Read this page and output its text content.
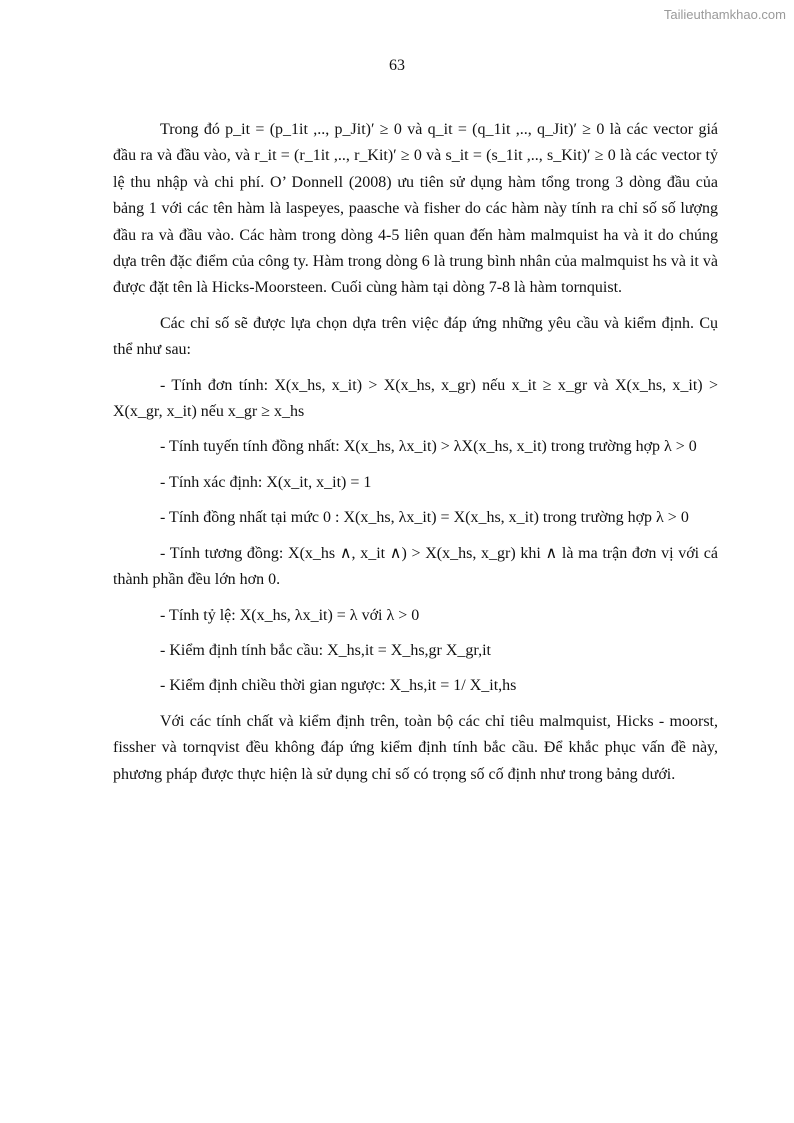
Tailieuthamkhao.com
63

Trong đó p_it = (p_1it ,.., p_Jit)′ ≥ 0 và q_it = (q_1it ,.., q_Jit)′ ≥ 0 là các vector giá đầu ra và đầu vào, và r_it = (r_1it ,.., r_Kit)′ ≥ 0 và s_it = (s_1it ,.., s_Kit)′ ≥ 0 là các vector tỷ lệ thu nhập và chi phí. O’ Donnell (2008) ưu tiên sử dụng hàm tổng trong 3 dòng đầu của bảng 1 với các tên hàm là laspeyes, paasche và fisher do các hàm này tính ra chỉ số số lượng đầu ra và đầu vào. Các hàm trong dòng 4-5 liên quan đến hàm malmquist ha và it do chúng dựa trên đặc điểm của công ty. Hàm trong dòng 6 là trung bình nhân của malmquist hs và it và được đặt tên là Hicks-Moorsteen. Cuối cùng hàm tại dòng 7-8 là hàm tornquist.

Các chỉ số sẽ được lựa chọn dựa trên việc đáp ứng những yêu cầu và kiểm định. Cụ thể như sau:

- Tính đơn tính: X(x_hs, x_it) > X(x_hs, x_gr) nếu x_it ≥ x_gr và X(x_hs, x_it) > X(x_gr, x_it) nếu x_gr ≥ x_hs

- Tính tuyến tính đồng nhất: X(x_hs, λx_it) > λX(x_hs, x_it) trong trường hợp λ > 0

- Tính xác định: X(x_it, x_it) = 1

- Tính đồng nhất tại mức 0 : X(x_hs, λx_it) = X(x_hs, x_it) trong trường hợp λ > 0

- Tính tương đồng: X(x_hs ∧, x_it ∧) > X(x_hs, x_gr) khi ∧ là ma trận đơn vị với cá thành phần đều lớn hơn 0.

- Tính tỷ lệ: X(x_hs, λx_it) = λ với λ > 0

- Kiểm định tính bắc cầu: X_hs,it = X_hs,gr X_gr,it

- Kiểm định chiều thời gian ngược: X_hs,it = 1/ X_it,hs

Với các tính chất và kiểm định trên, toàn bộ các chỉ tiêu malmquist, Hicks - moorst, fissher và tornqvist đều không đáp ứng kiểm định tính bắc cầu. Để khắc phục vấn đề này, phương pháp được thực hiện là sử dụng chỉ số có trọng số cố định như trong bảng dưới.
